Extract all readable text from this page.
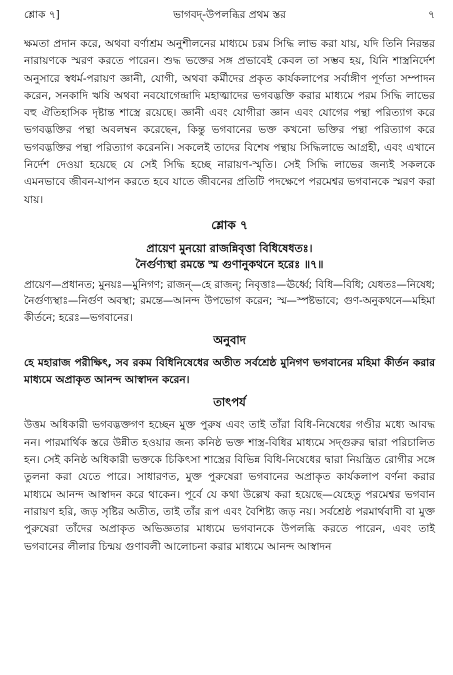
শ্লোক ৭]	ভাগবদ্‌-উপলব্ধির প্রথম স্তর	৭

ক্ষমতা প্রদান করে, অথবা বর্ণাশ্রম অনুশীলনের মাধ্যমে চরম সিদ্ধি লাভ করা যায়, যদি তিনি নিরন্তর নারায়ণকে স্মরণ করতে পারেন। শুদ্ধ ভক্তের সঙ্গ প্রভাবেই কেবল তা সম্ভব হয়, যিনি শাস্ত্রনির্দেশ অনুসারে স্বধর্ম-পরায়ণ জ্ঞানী, যোগী, অথবা কর্মীদের প্রকৃত কার্যকলাপের সর্বাঙ্গীণ পূর্ণতা সম্পাদন করেন, সনকাদি ঋষি অথবা নবযোগেন্দ্রাদি মহাত্মাদের ভগবদ্ভক্তি করার মাধ্যমে পরম সিদ্ধি লাভের বহু ঐতিহাসিক দৃষ্টান্ত শাস্ত্রে রয়েছে। জ্ঞানী এবং যোগীরা জ্ঞান এবং যোগের পন্থা পরিত্যাগ করে ভগবদ্ভক্তির পন্থা অবলম্বন করেছেন, কিন্তু ভগবানের ভক্ত কখনো ভক্তির পন্থা পরিত্যাগ করে ভগবদ্ভক্তির পন্থা পরিত্যাগ করেননি। সকলেই তাদের বিশেষ পন্থায় সিদ্ধিলাভে আগ্রহী, এবং এখানে নির্দেশ দেওয়া হয়েছে যে সেই সিদ্ধি হচ্ছে নারায়ণ-স্মৃতি। সেই সিদ্ধি লাভের জন্যই সকলকে এমনভাবে জীবন-যাপন করতে হবে যাতে জীবনের প্রতিটি পদক্ষেপে পরমেশ্বর ভগবানকে স্মরণ করা যায়।

শ্লোক ৭
প্রায়েণ মুনয়ো রাজন্নিবৃত্তা বিধিষেধতঃ।
নৈর্গুণ্যস্থা রমন্তে স্ম গুণানুকথনে হরেঃ ॥৭॥

প্রায়েণ—প্রধানত; মুনয়ঃ—মুনিগণ; রাজন্‌—হে রাজন্‌; নিবৃত্তাঃ—ঊর্ধ্বে; বিধি—বিধি; যেধতঃ—নিষেধ; নৈর্গুণ্যস্থাঃ—নির্গুণ অবস্থা; রমন্তে—আনন্দ উপভোগ করেন; স্ম—স্পষ্টভাবে; গুণ-অনুকথনে—মহিমা কীর্তনে; হরেঃ—ভগবানের।

অনুবাদ

হে মহারাজ পরীক্ষিৎ, সব রকম বিধিনিষেধের অতীত সর্বশ্রেষ্ঠ মুনিগণ ভগবানের মহিমা কীর্তন করার মাধ্যমে অপ্রাকৃত আনন্দ আস্বাদন করেন।

তাৎপর্য

উত্তম অধিকারী ভগবদ্ভক্তগণ হচ্ছেন মুক্ত পুরুষ এবং তাই তাঁরা বিধি-নিষেধের গণ্ডীর মধ্যে আবদ্ধ নন। পারমার্থিক স্তরে উন্নীত হওয়ার জন্য কনিষ্ঠ ভক্ত শাস্ত্র-বিধির মাধ্যমে সদ্‌গুরুর দ্বারা পরিচালিত হন। সেই কনিষ্ঠ অধিকারী ভক্তকে চিকিৎসা শাস্ত্রের বিভিন্ন বিধি-নিষেধের দ্বারা নিয়ন্ত্রিত রোগীর সঙ্গে তুলনা করা যেতে পারে। সাধারণত, মুক্ত পুরুষেরা ভগবানের অপ্রাকৃত কার্যকলাপ বর্ণনা করার মাধ্যমে আনন্দ আস্বাদন করে থাকেন। পূর্বে যে কথা উল্লেখ করা হয়েছে—যেহেতু পরমেশ্বর ভগবান নারায়ণ হরি, জড় সৃষ্টির অতীত, তাই তাঁর রূপ এবং বৈশিষ্ট্য জড় নয়। সর্বশ্রেষ্ঠ পরমার্থবাদী বা মুক্ত পুরুষেরা তাঁদের অপ্রাকৃত অভিজ্ঞতার মাধ্যমে ভগবানকে উপলব্ধি করতে পারেন, এবং তাই ভগবানের লীলার চিন্ময় গুণাবলী আলোচনা করার মাধ্যমে আনন্দ আস্বাদন
